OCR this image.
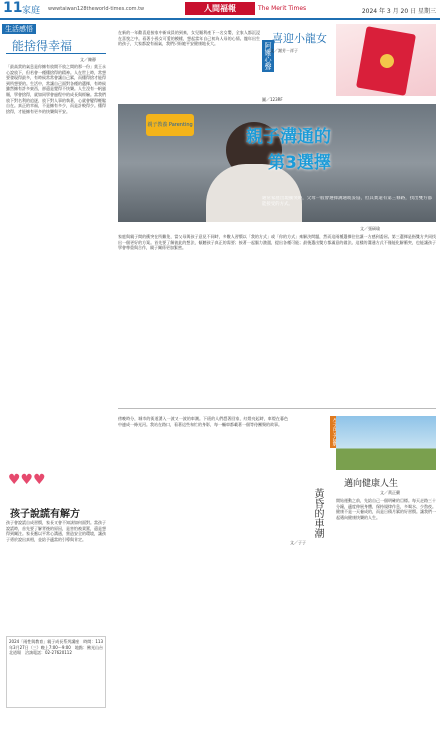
11 家庭 wwwtaiwan128theworld-times.com.tw	人間福報	The Merit Times	2024 年 3 月 20 日 星期三
生活感悟
能捨得幸福
文／陳靜
「最高貴的氣息是你擁有放開不放之間的那一份」莫王永心說放下，但若會一種懂捨得的精神。人在世上時，常想要發現得最多，有時候常常會讓自己累，而懂得捨才能得到所想要的。生活中，常讓自己面對各種的選擇，有時候雖然擁有許多東西，卻還是覺得不快樂。人生沒有一帆風順，學會捨得，就如同學會過程中的成長與經驗。當我們放下對名利的追逐，放下對人事的執著，心就會變得輕鬆自在。真正的幸福，不是擁有多少，而是計較得少。懂得捨得，才能擁有更多的快樂與平安。
阿嬤心聲
喜迎小龍女
文／謝芳－祥子
在新的一年歡喜迎接家中新成員的到來，女兒順利產下一名女嬰，全家人都沉浸在喜悅之中。看著小孫女可愛的模樣，想起當年自己初為人母的心情。龍年出生的孩子，大家都說有福氣，我們只盼她平安健康地長大。
圖／123RF
親子教養 Parenting
親子溝通的
第3選擇
通常家庭出現衝突時，父母一般會選擇溝通或妥協，但其實還有第三條路，找出雙方都能接受的方式。
文／張碩瑜
家庭與親子間的衝突在所難免，當父母與孩子意見不同時，多數人習慣以「我的方式」或「你的方式」來解決問題，然而這兩種選擇往往讓一方感到委屈。第三選擇是指雙方共同找出一個更好的方案。首先要了解彼此的想法，傾聽孩子真正的需要；接著一起腦力激盪，提出各種可能；最後選出雙方都滿意的做法。這樣的溝通方式不僅能化解衝突，也能讓孩子學會尊重與合作，親子關係更加緊密。
♥♥♥
孩子說謊有解方
孩子會說謊自成習慣，家長又會不知該如何面對。當孩子說謊時，首先要了解背後的原因，是害怕被責罵，還是想得到關注。家長應以平常心溝通，營造安全的環境，讓孩子勇於說出真相，並給予適當的引導與肯定。
2024「兩性與教育」親子成長系列講座　時間：113年3月27日（三）晚上7:00～9:00　地點：佛光山台北道場　洽詢電話：02-27620112
黃昏的車潮
文／子子
傍晚時分，城市的街道湧入一波又一波的車潮。下班的人們趕著回家，紅燈亮起時，車燈在暮色中連成一條光河。我站在路口，看著這些匆忙的身影，每一輛車都載著一個等待團聚的故事。
邁向健康人生
文／黃正藥
開始運動之前，先給自己一個明確的目標。每天走路三十分鐘，適度伸展身體，保持規律作息，多喝水、少熬夜。健康不是一天養成的，而是日積月累的好習慣。讓我們一起邁向健康快樂的人生。
